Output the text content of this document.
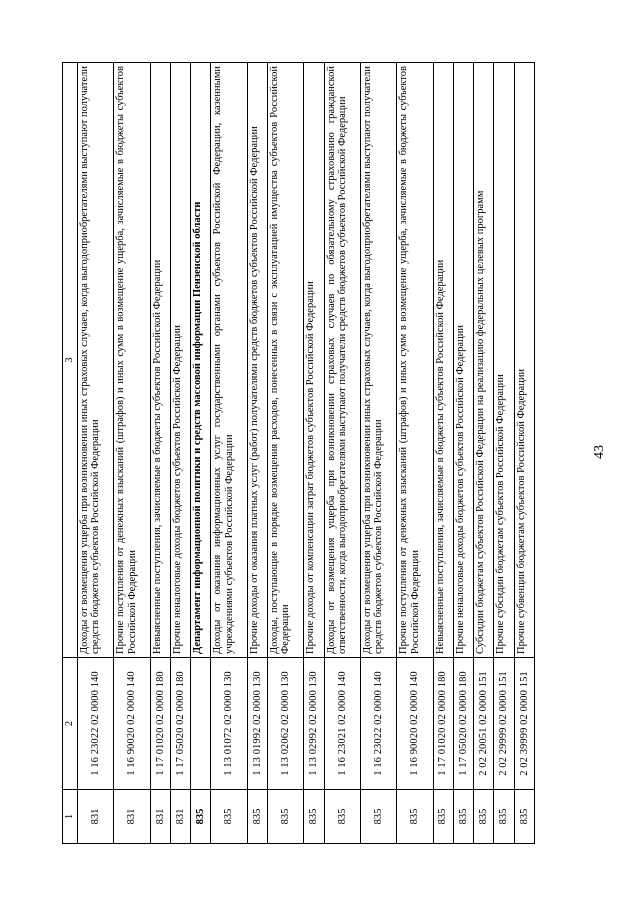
43
1	2	3
831	1 16 23022 02 0000 140	Доходы от возмещения ущерба при возникновении иных страховых случаев, когда выгодоприобретателями выступают получатели средств бюджетов субъектов Российской Федерации
831	1 16 90020 02 0000 140	Прочие поступления от денежных взысканий (штрафов) и иных сумм в возмещение ущерба, зачисляемые в бюджеты субъектов Российской Федерации
831	1 17 01020 02 0000 180	Невыясненные поступления, зачисляемые в бюджеты субъектов Российской Федерации
831	1 17 05020 02 0000 180	Прочие неналоговые доходы бюджетов субъектов Российской Федерации
835		Департамент информационной политики и средств массовой информации Пензенской области
835	1 13 01072 02 0000 130	Доходы от оказания информационных услуг государственными органами субъектов Российской Федерации, казенными учреждениями субъектов Российской Федерации
835	1 13 01992 02 0000 130	Прочие доходы от оказания платных услуг (работ) получателями средств бюджетов субъектов Российской Федерации
835	1 13 02062 02 0000 130	Доходы, поступающие в порядке возмещения расходов, понесенных в связи с эксплуатацией имущества субъектов Российской Федерации
835	1 13 02992 02 0000 130	Прочие доходы от компенсации затрат бюджетов субъектов Российской Федерации
835	1 16 23021 02 0000 140	Доходы от возмещения ущерба при возникновении страховых случаев по обязательному страхованию гражданской ответственности, когда выгодоприобретателями выступают получатели средств бюджетов субъектов Российской Федерации
835	1 16 23022 02 0000 140	Доходы от возмещения ущерба при возникновении иных страховых случаев, когда выгодоприобретателями выступают получатели средств бюджетов субъектов Российской Федерации
835	1 16 90020 02 0000 140	Прочие поступления от денежных взысканий (штрафов) и иных сумм в возмещение ущерба, зачисляемые в бюджеты субъектов Российской Федерации
835	1 17 01020 02 0000 180	Невыясненные поступления, зачисляемые в бюджеты субъектов Российской Федерации
835	1 17 05020 02 0000 180	Прочие неналоговые доходы бюджетов субъектов Российской Федерации
835	2 02 20051 02 0000 151	Субсидии бюджетам субъектов Российской Федерации на реализацию федеральных целевых программ
835	2 02 29999 02 0000 151	Прочие субсидии бюджетам субъектов Российской Федерации
835	2 02 39999 02 0000 151	Прочие субвенции бюджетам субъектов Российской Федерации
